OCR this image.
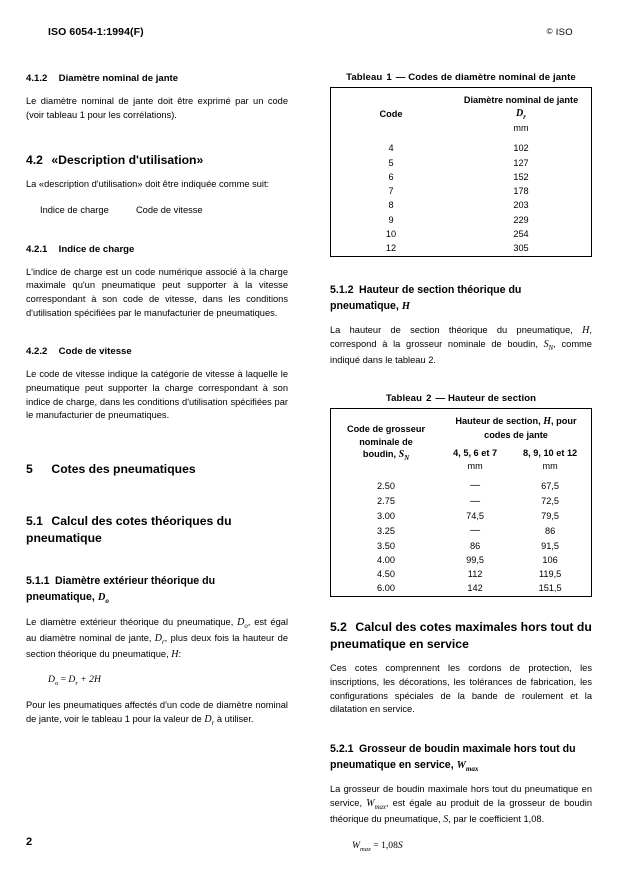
ISO 6054-1:1994(F)	© ISO
4.1.2 Diamètre nominal de jante

Le diamètre nominal de jante doit être exprimé par un code (voir tableau 1 pour les corrélations).

4.2 «Description d'utilisation»

La «description d'utilisation» doit être indiquée comme suit:

Indice de charge	Code de vitesse

4.2.1 Indice de charge

L'indice de charge est un code numérique associé à la charge maximale qu'un pneumatique peut supporter à la vitesse correspondant à son code de vitesse, dans les conditions d'utilisation spécifiées par le manufacturier de pneumatiques.

4.2.2 Code de vitesse

Le code de vitesse indique la catégorie de vitesse à laquelle le pneumatique peut supporter la charge correspondant à son indice de charge, dans les conditions d'utilisation spécifiées par le manufacturier de pneumatiques.

5 Cotes des pneumatiques
5.1 Calcul des cotes théoriques du
pneumatique
5.1.1 Diamètre extérieur théorique du
pneumatique, $D_o$

Le diamètre extérieur théorique du pneumatique, $D_o$, est égal au diamètre nominal de jante, $D_r$, plus deux fois la hauteur de section théorique du pneumatique, H:

$D_o = D_r + 2H$

Pour les pneumatiques affectés d'un code de diamètre nominal de jante, voir le tableau 1 pour la valeur de $D_r$ à utiliser.

Tableau 1 — Codes de diamètre nominal de jante
Code	Diamètre nominal de jante
$D_r$
mm
4	102
5	127
6	152
7	178
8	203
9	229
10	254
12	305
5.1.2 Hauteur de section théorique du
pneumatique, H

La hauteur de section théorique du pneumatique, H, correspond à la grosseur nominale de boudin, $S_N$, comme indiqué dans le tableau 2.

Tableau 2 — Hauteur de section
Code de grosseur
nominale de
boudin, $S_N$	Hauteur de section, H, pour
codes de jante	
	4, 5, 6 et 7
mm	8, 9, 10 et 12
mm
2.50	—	67,5
2.75	—	72,5
3.00	74,5	79,5
3.25	—	86
3.50	86	91,5
4.00	99,5	106
4.50	112	119,5
6.00	142	151,5
5.2 Calcul des cotes maximales hors tout du
pneumatique en service

Ces cotes comprennent les cordons de protection, les inscriptions, les décorations, les tolérances de fabrication, les configurations spéciales de la bande de roulement et la dilatation en service.

5.2.1 Grosseur de boudin maximale hors tout du
pneumatique en service, $W_{max}$

La grosseur de boudin maximale hors tout du pneumatique en service, $W_{max}$, est égale au produit de la grosseur de boudin théorique du pneumatique, S, par le coefficient 1,08.

$W_{max} = 1,08S$

2
